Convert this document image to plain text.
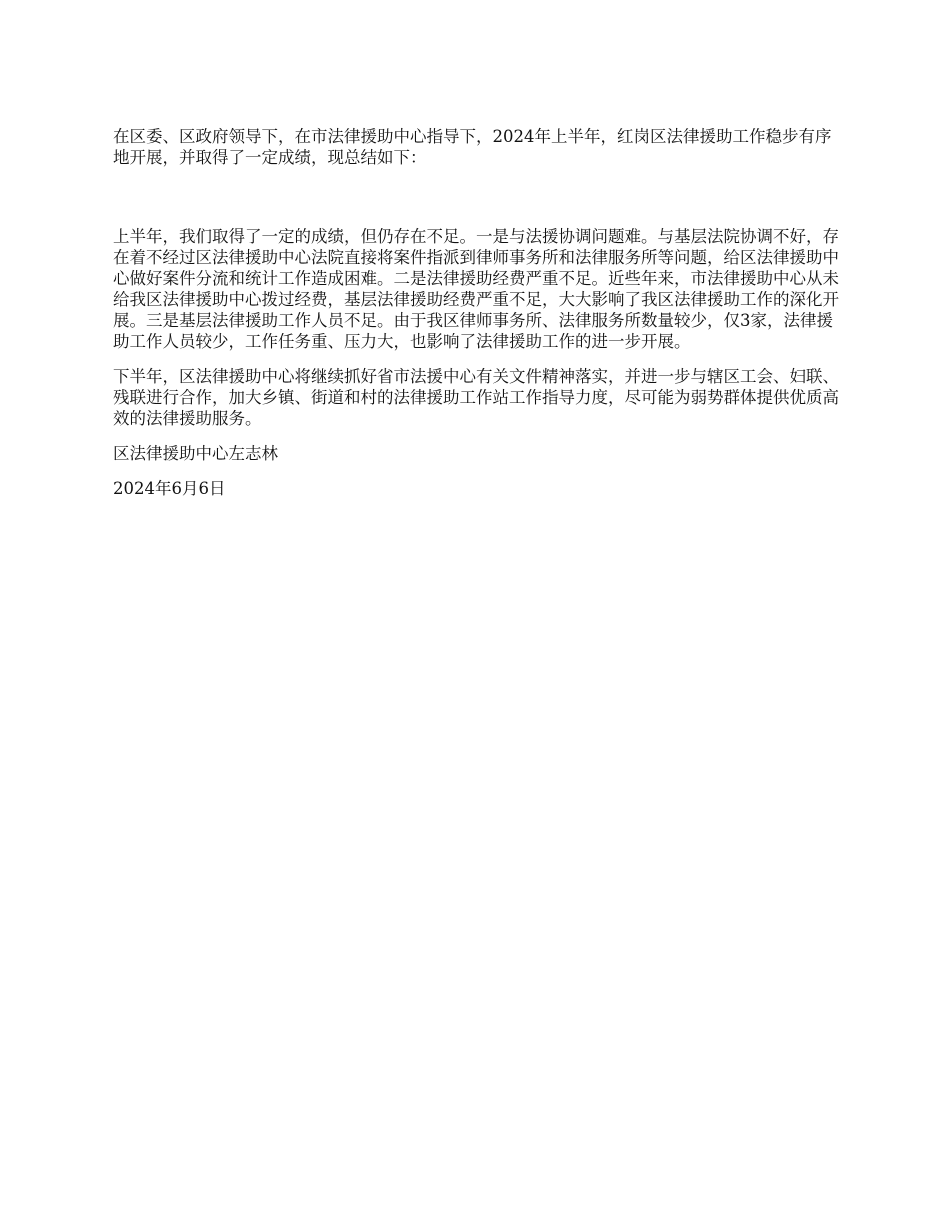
在区委、区政府领导下，在市法律援助中心指导下，2024年上半年，红岗区法律援助工作稳步有序地开展，并取得了一定成绩，现总结如下：

上半年，我们取得了一定的成绩，但仍存在不足。一是与法援协调问题难。与基层法院协调不好，存在着不经过区法律援助中心法院直接将案件指派到律师事务所和法律服务所等问题，给区法律援助中心做好案件分流和统计工作造成困难。二是法律援助经费严重不足。近些年来，市法律援助中心从未给我区法律援助中心拨过经费，基层法律援助经费严重不足，大大影响了我区法律援助工作的深化开展。三是基层法律援助工作人员不足。由于我区律师事务所、法律服务所数量较少，仅3家，法律援助工作人员较少，工作任务重、压力大，也影响了法律援助工作的进一步开展。

下半年，区法律援助中心将继续抓好省市法援中心有关文件精神落实，并进一步与辖区工会、妇联、残联进行合作，加大乡镇、街道和村的法律援助工作站工作指导力度，尽可能为弱势群体提供优质高效的法律援助服务。

区法律援助中心左志林

2024年6月6日
